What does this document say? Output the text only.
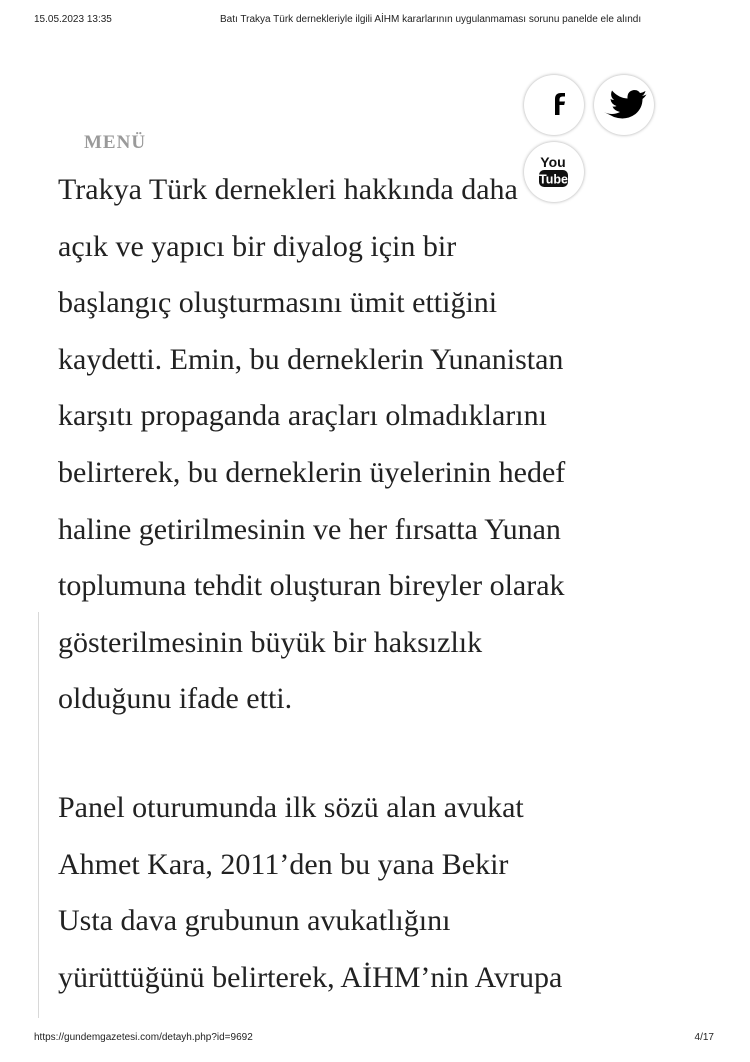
15.05.2023 13:35	Batı Trakya Türk dernekleriyle ilgili AİHM kararlarının uygulanmaması sorunu panelde ele alındı

Trakya Türk dernekleri hakkında daha
açık ve yapıcı bir diyalog için bir
başlangıç oluşturmasını ümit ettiğini
kaydetti. Emin, bu derneklerin Yunanistan
karşıtı propaganda araçları olmadıklarını
belirterek, bu derneklerin üyelerinin hedef
haline getirilmesinin ve her fırsatta Yunan
toplumuna tehdit oluşturan bireyler olarak
gösterilmesinin büyük bir haksızlık
olduğunu ifade etti.

Panel oturumunda ilk sözü alan avukat
Ahmet Kara, 2011’den bu yana Bekir
Usta dava grubunun avukatlığını
yürüttüğünü belirterek, AİHM’nin Avrupa

MENÜ
You
Tube
https://gundemgazetesi.com/detayh.php?id=9692	4/17
